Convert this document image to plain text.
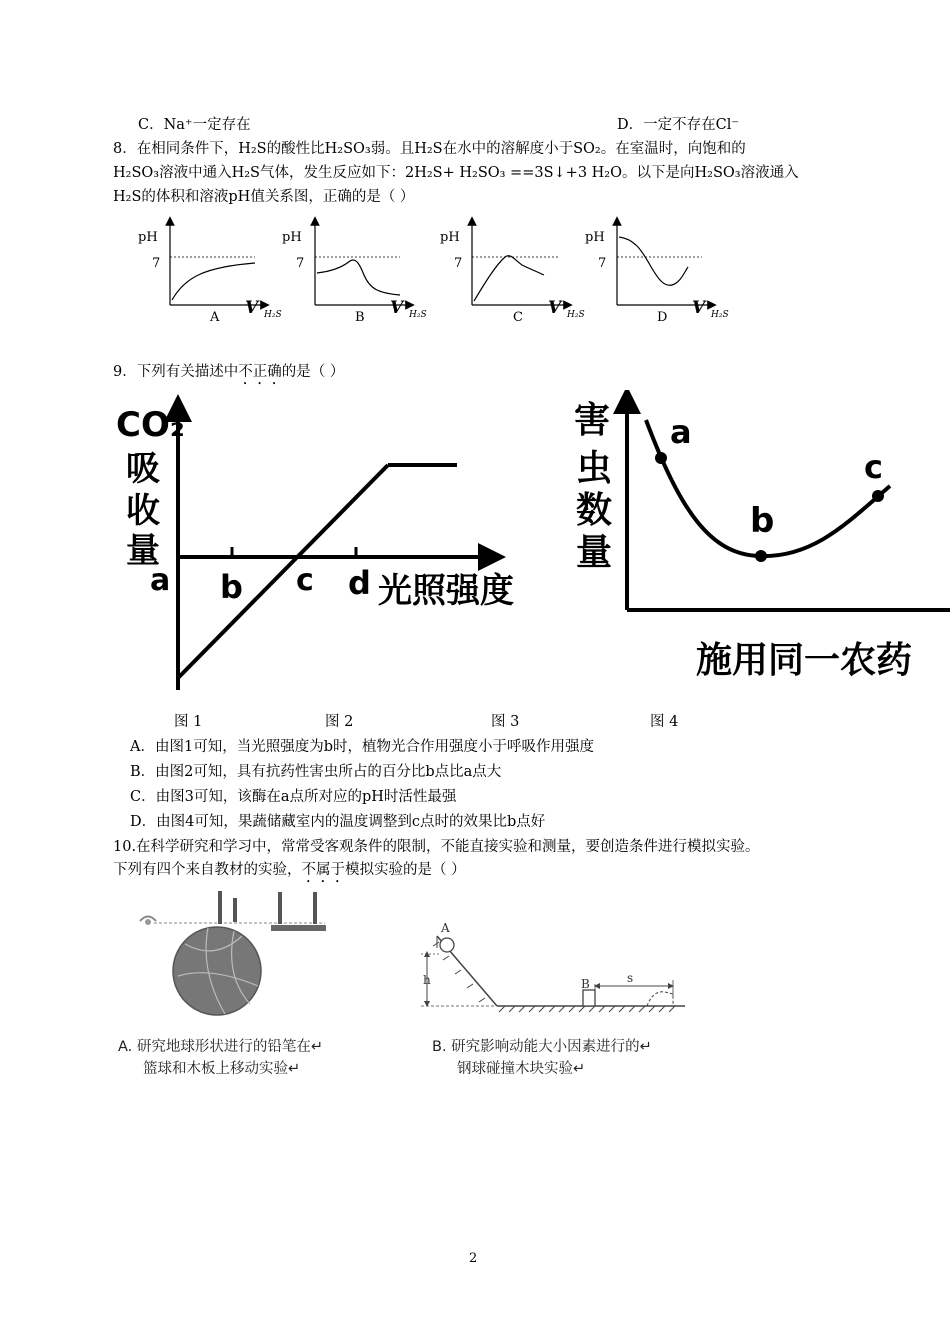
C．Na⁺一定存在	D．一定不存在Cl⁻
8．在相同条件下，H₂S的酸性比H₂SO₃弱。且H₂S在水中的溶解度小于SO₂。在室温时，向饱和的
H₂SO₃溶液中通入H₂S气体，发生反应如下：2H₂S+ H₂SO₃ ==3S↓+3 H₂O。以下是向H₂SO₃溶液通入
H₂S的体积和溶液pH值关系图，正确的是（ ）
pH
7
V H₂S
A
pH
7
V H₂S
B
pH
7
V H₂S
C
pH
7
V H₂S
D
9．下列有关描述中不正确的是（ ）
CO₂
吸
收
量
a b c d 光照强度
害
虫
数
量
a
b
c
施用同一农药
图 1	图 2	图 3	图 4
A．由图1可知，当光照强度为b时，植物光合作用强度小于呼吸作用强度
B．由图2可知，具有抗药性害虫所占的百分比b点比a点大
C．由图3可知，该酶在a点所对应的pH时活性最强
D．由图4可知，果蔬储藏室内的温度调整到c点时的效果比b点好
10.在科学研究和学习中，常常受客观条件的限制，不能直接实验和测量，要创造条件进行模拟实验。
下列有四个来自教材的实验，不属于模拟实验的是（ ）
A
h	B	s
A. 研究地球形状进行的铅笔在↵
篮球和木板上移动实验↵
B. 研究影响动能大小因素进行的↵
钢球碰撞木块实验↵
2
